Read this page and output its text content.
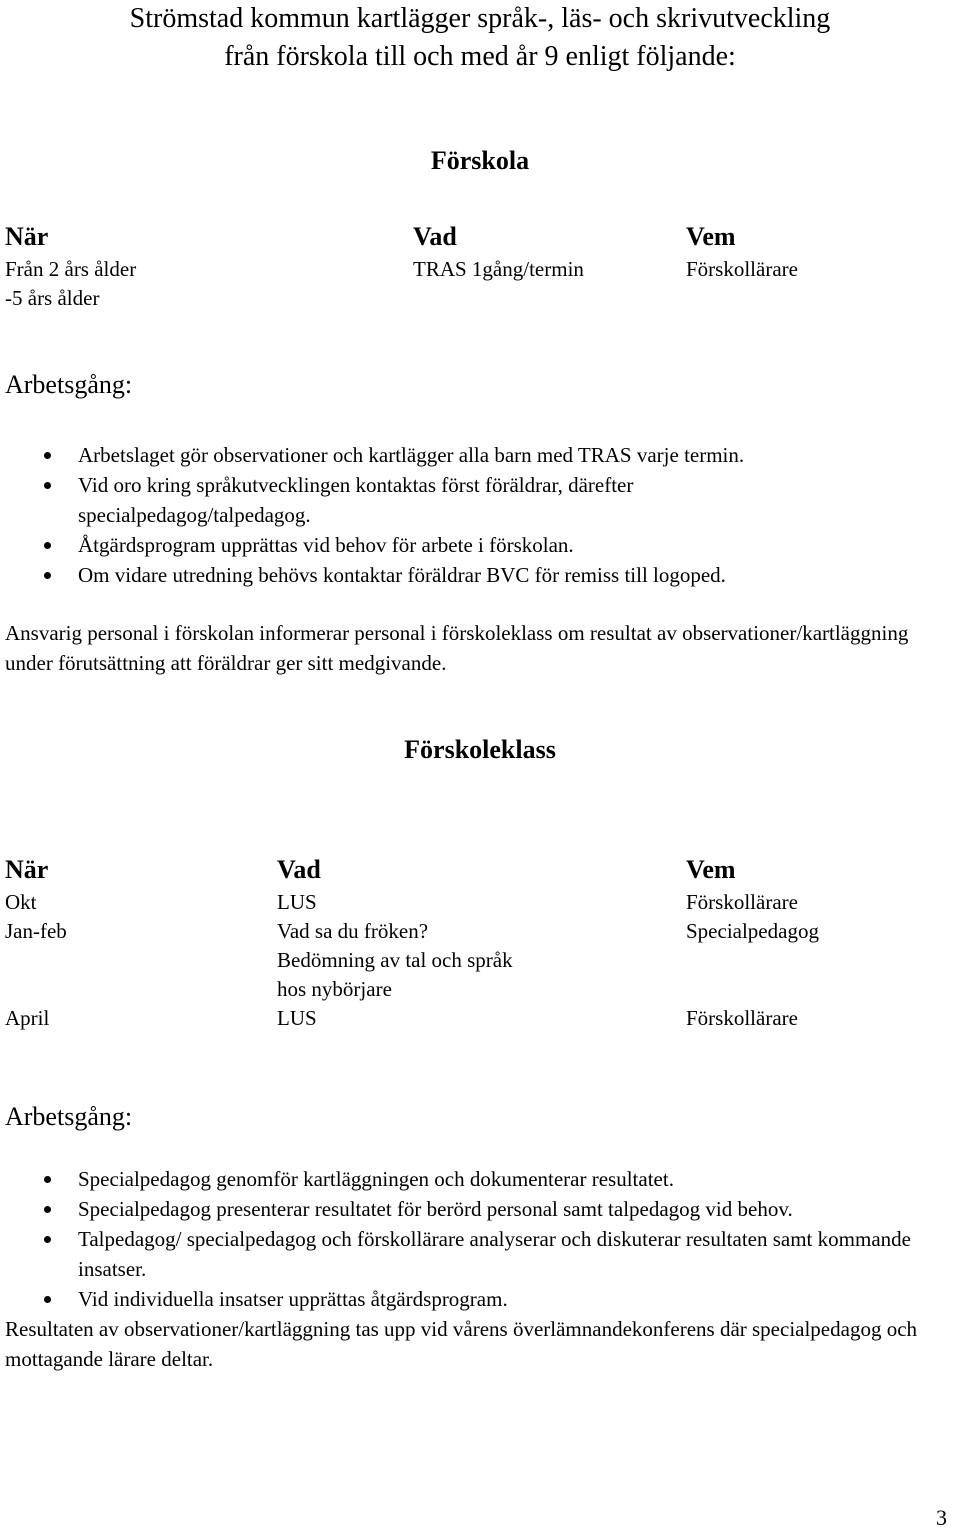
Strömstad kommun kartlägger språk-, läs- och skrivutveckling
från förskola till och med år 9 enligt följande:
Förskola
När	Vad	Vem
Från 2 års ålder	TRAS 1gång/termin	Förskollärare
-5 års ålder
Arbetsgång:
Arbetslaget gör observationer och kartlägger alla barn med TRAS varje termin.
Vid oro kring språkutvecklingen kontaktas först föräldrar, därefter specialpedagog/talpedagog.
Åtgärdsprogram upprättas vid behov för arbete i förskolan.
Om vidare utredning behövs kontaktar föräldrar BVC för remiss till logoped.
Ansvarig personal i förskolan informerar personal i förskoleklass om resultat av observationer/kartläggning under förutsättning att föräldrar ger sitt medgivande.
Förskoleklass
När	Vad	Vem
Okt	LUS	Förskollärare
Jan-feb	Vad sa du fröken?	Specialpedagog
Bedömning av tal och språk
hos nybörjare
April	LUS	Förskollärare
Arbetsgång:
Specialpedagog genomför kartläggningen och dokumenterar resultatet.
Specialpedagog presenterar resultatet för berörd personal samt talpedagog vid behov.
Talpedagog/ specialpedagog och förskollärare analyserar och diskuterar resultaten samt kommande insatser.
Vid individuella insatser upprättas åtgärdsprogram.
Resultaten av observationer/kartläggning tas upp vid vårens överlämnandekonferens där specialpedagog och mottagande lärare deltar.
3
